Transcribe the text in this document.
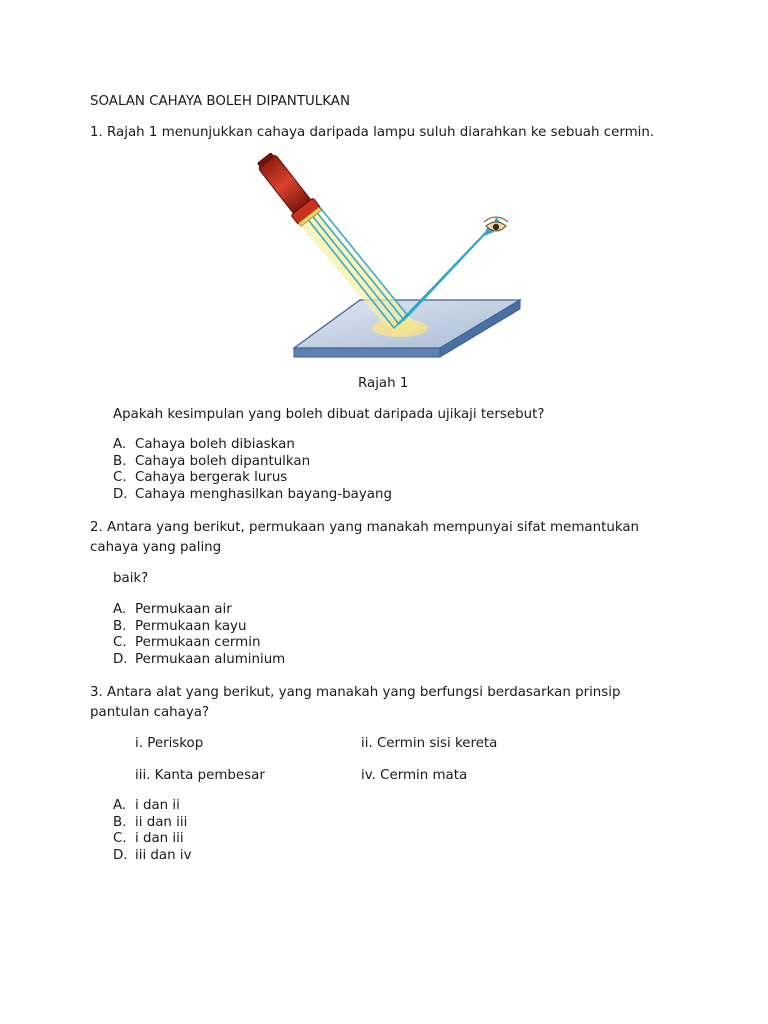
SOALAN CAHAYA BOLEH DIPANTULKAN

1. Rajah 1 menunjukkan cahaya daripada lampu suluh diarahkan ke sebuah cermin.

Rajah 1

Apakah kesimpulan yang boleh dibuat daripada ujikaji tersebut?

A. Cahaya boleh dibiaskan
B. Cahaya boleh dipantulkan
C. Cahaya bergerak lurus
D. Cahaya menghasilkan bayang-bayang

2. Antara yang berikut, permukaan yang manakah mempunyai sifat memantukan

cahaya yang paling

baik?

A. Permukaan air
B. Permukaan kayu
C. Permukaan cermin
D. Permukaan aluminium

3. Antara alat yang berikut, yang manakah yang berfungsi berdasarkan prinsip

pantulan cahaya?

i. Periskop	ii. Cermin sisi kereta

iii. Kanta pembesar	iv. Cermin mata

A. i dan ii
B. ii dan iii
C. i dan iii
D. iii dan iv
